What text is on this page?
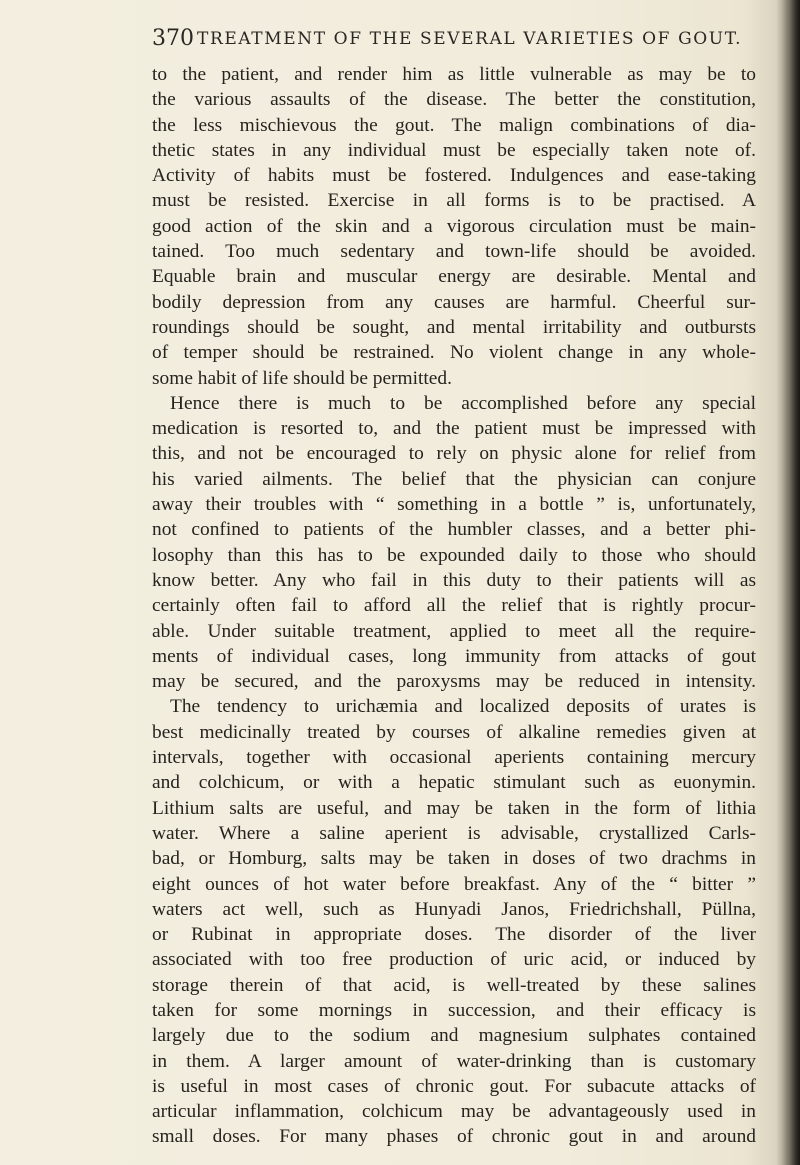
370 TREATMENT OF THE SEVERAL VARIETIES OF GOUT.
to the patient, and render him as little vulnerable as may be to
the various assaults of the disease. The better the constitution,
the less mischievous the gout. The malign combinations of dia-
thetic states in any individual must be especially taken note of.
Activity of habits must be fostered. Indulgences and ease-taking
must be resisted. Exercise in all forms is to be practised. A
good action of the skin and a vigorous circulation must be main-
tained. Too much sedentary and town-life should be avoided.
Equable brain and muscular energy are desirable. Mental and
bodily depression from any causes are harmful. Cheerful sur-
roundings should be sought, and mental irritability and outbursts
of temper should be restrained. No violent change in any whole-
some habit of life should be permitted.
Hence there is much to be accomplished before any special
medication is resorted to, and the patient must be impressed with
this, and not be encouraged to rely on physic alone for relief from
his varied ailments. The belief that the physician can conjure
away their troubles with “ something in a bottle ” is, unfortunately,
not confined to patients of the humbler classes, and a better phi-
losophy than this has to be expounded daily to those who should
know better. Any who fail in this duty to their patients will as
certainly often fail to afford all the relief that is rightly procur-
able. Under suitable treatment, applied to meet all the require-
ments of individual cases, long immunity from attacks of gout
may be secured, and the paroxysms may be reduced in intensity.
The tendency to urichæmia and localized deposits of urates is
best medicinally treated by courses of alkaline remedies given at
intervals, together with occasional aperients containing mercury
and colchicum, or with a hepatic stimulant such as euonymin.
Lithium salts are useful, and may be taken in the form of lithia
water. Where a saline aperient is advisable, crystallized Carls-
bad, or Homburg, salts may be taken in doses of two drachms in
eight ounces of hot water before breakfast. Any of the “ bitter ”
waters act well, such as Hunyadi Janos, Friedrichshall, Püllna,
or Rubinat in appropriate doses. The disorder of the liver
associated with too free production of uric acid, or induced by
storage therein of that acid, is well-treated by these salines
taken for some mornings in succession, and their efficacy is
largely due to the sodium and magnesium sulphates contained
in them. A larger amount of water-drinking than is customary
is useful in most cases of chronic gout. For subacute attacks of
articular inflammation, colchicum may be advantageously used in
small doses. For many phases of chronic gout in and around
